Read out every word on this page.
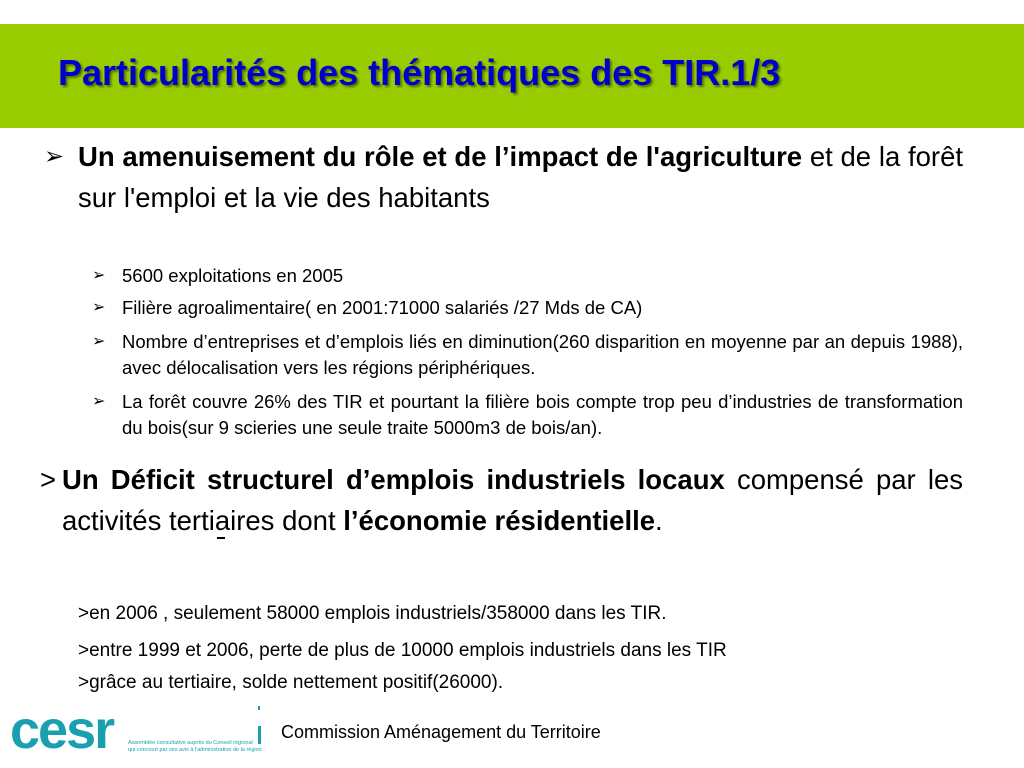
Particularités des thématiques des TIR.1/3
➢ Un amenuisement du rôle et de l’impact de l'agriculture et de la forêt sur l'emploi et la vie des habitants
➢ 5600 exploitations en 2005
➢ Filière agroalimentaire( en 2001:71000 salariés /27 Mds de CA)
➢ Nombre d’entreprises et d’emplois liés en diminution(260 disparition en moyenne par an depuis 1988), avec délocalisation vers les régions périphériques.
➢ La forêt couvre 26% des TIR et pourtant la filière bois compte trop peu d’industries de transformation du bois(sur 9 scieries une seule traite 5000m3 de bois/an).
> Un Déficit structurel d’emplois industriels locaux compensé par les activités tertiaires dont l’économie résidentielle.
>en 2006 , seulement 58000 emplois industriels/358000 dans les TIR.
>entre 1999 et 2006, perte de plus de 10000 emplois industriels dans les TIR
>grâce au tertiaire, solde nettement positif(26000).
cesr	Assemblée consultative auprès du Conseil régional
qui concourt par ses avis à l'administration de la région
Commission Aménagement du Territoire
